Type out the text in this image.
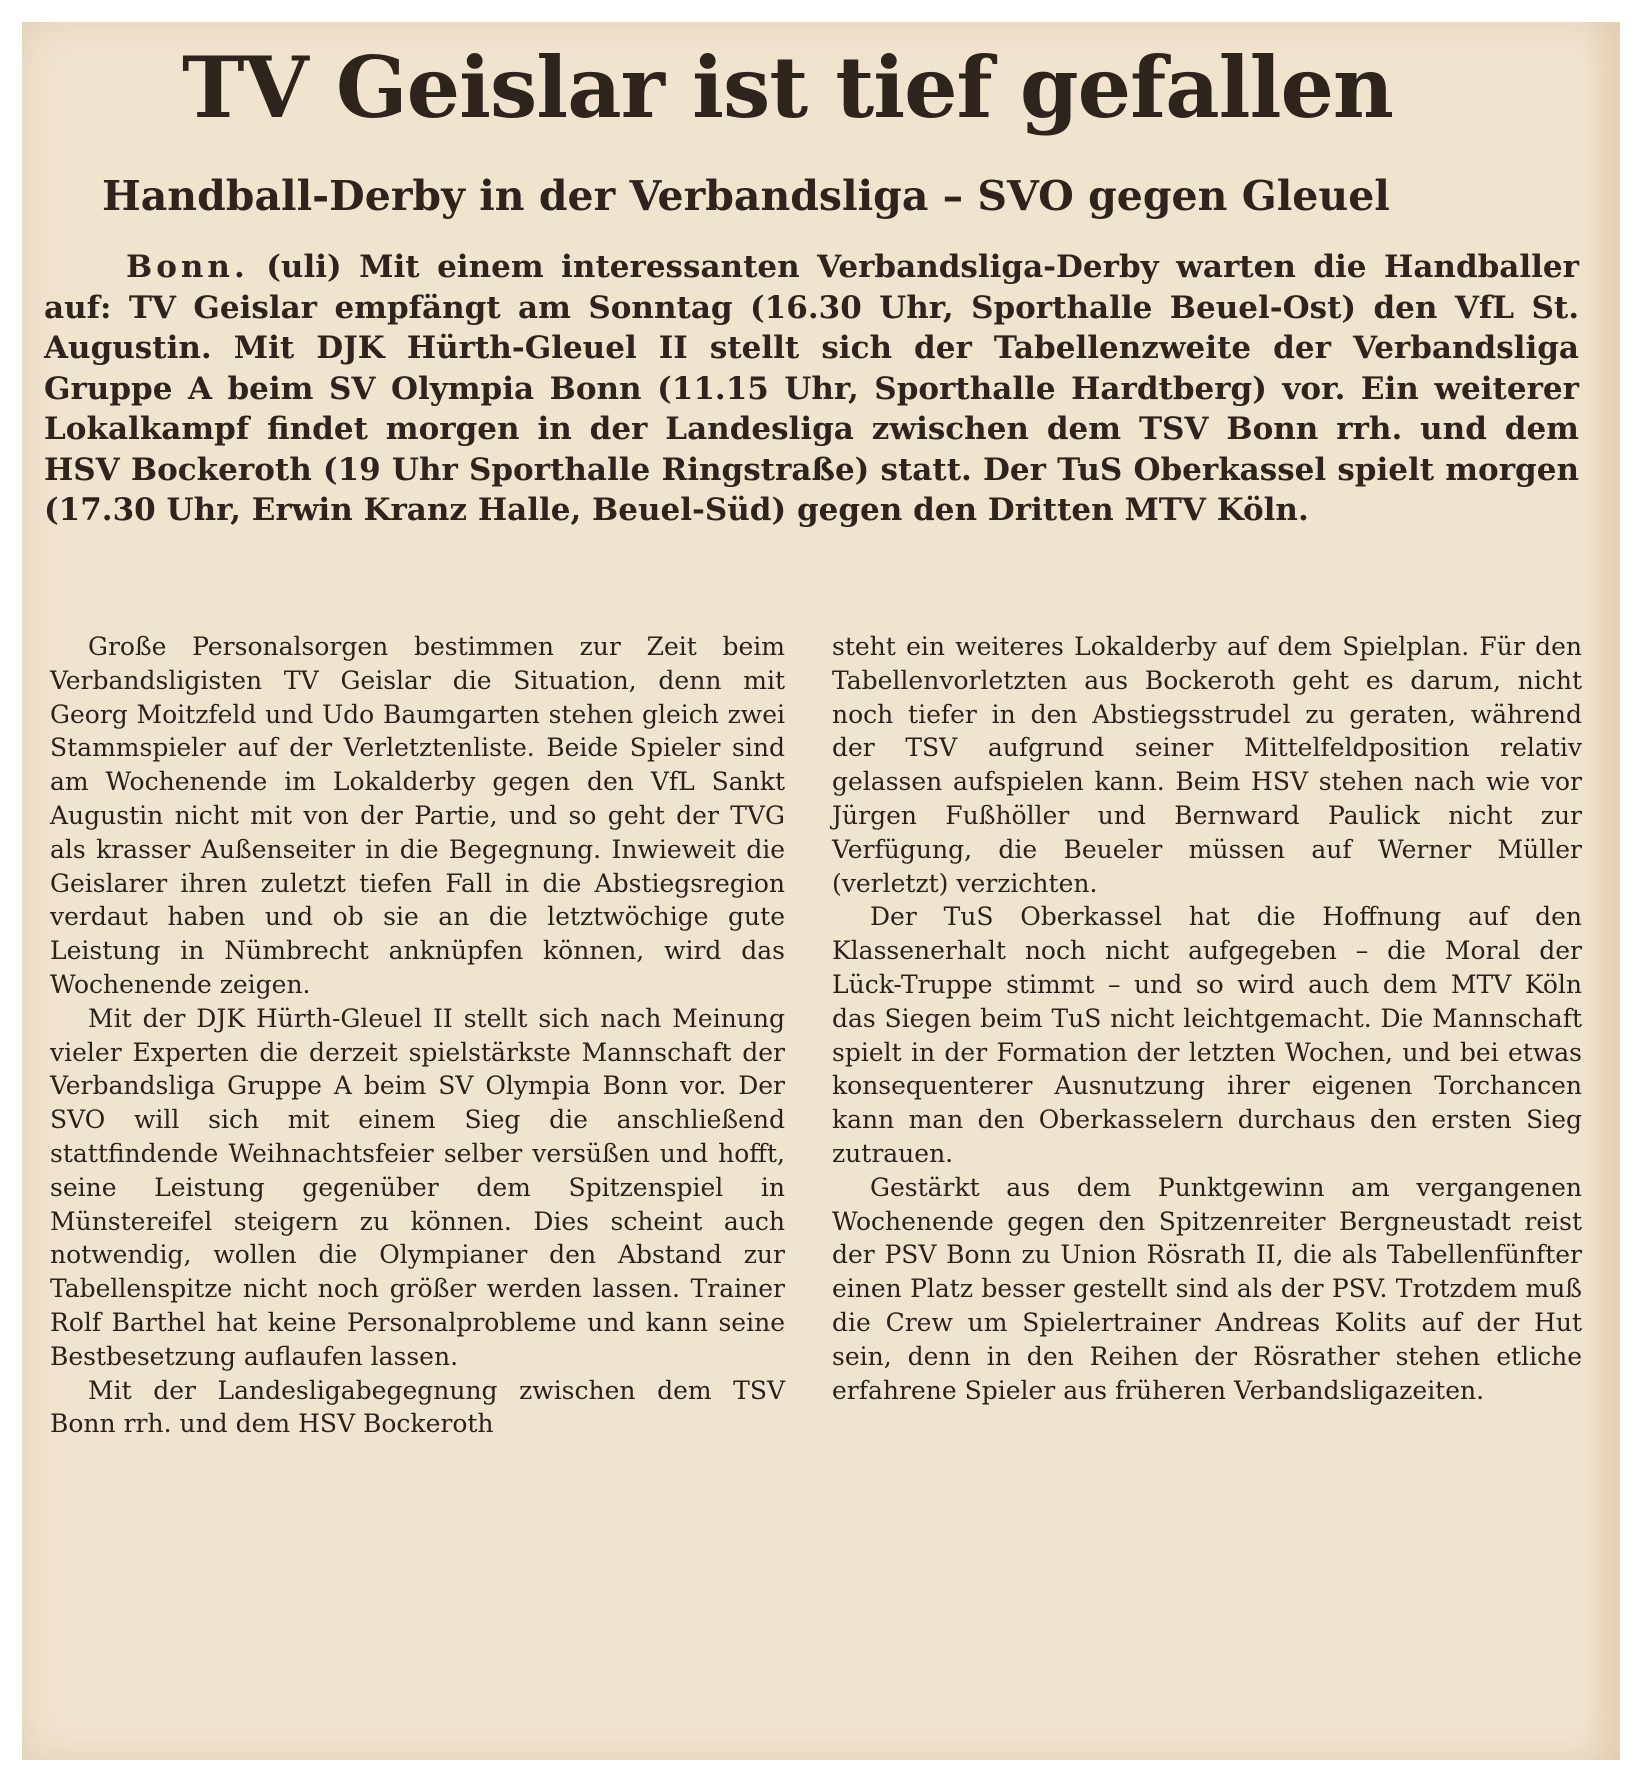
TV Geislar ist tief gefallen
Handball-Derby in der Verbandsliga – SVO gegen Gleuel

Bonn. (uli) Mit einem interessanten Verbandsliga-Derby warten die Handballer auf: TV Geislar empfängt am Sonntag (16.30 Uhr, Sporthalle Beuel-Ost) den VfL St. Augustin. Mit DJK Hürth-Gleuel II stellt sich der Tabellenzweite der Verbandsliga Gruppe A beim SV Olympia Bonn (11.15 Uhr, Sporthalle Hardtberg) vor. Ein weiterer Lokalkampf findet morgen in der Landesliga zwischen dem TSV Bonn rrh. und dem HSV Bockeroth (19 Uhr Sporthalle Ringstraße) statt. Der TuS Oberkassel spielt morgen (17.30 Uhr, Erwin Kranz Halle, Beuel-Süd) gegen den Dritten MTV Köln.

Große Personalsorgen bestimmen zur Zeit beim Verbandsligisten TV Geislar die Situation, denn mit Georg Moitzfeld und Udo Baumgarten stehen gleich zwei Stammspieler auf der Verletztenliste. Beide Spieler sind am Wochenende im Lokalderby gegen den VfL Sankt Augustin nicht mit von der Partie, und so geht der TVG als krasser Außenseiter in die Begegnung. Inwieweit die Geislarer ihren zuletzt tiefen Fall in die Abstiegsregion verdaut haben und ob sie an die letztwöchige gute Leistung in Nümbrecht anknüpfen können, wird das Wochenende zeigen.

Mit der DJK Hürth-Gleuel II stellt sich nach Meinung vieler Experten die derzeit spielstärkste Mannschaft der Verbandsliga Gruppe A beim SV Olympia Bonn vor. Der SVO will sich mit einem Sieg die anschließend stattfindende Weihnachtsfeier selber versüßen und hofft, seine Leistung gegenüber dem Spitzenspiel in Münstereifel steigern zu können. Dies scheint auch notwendig, wollen die Olympianer den Abstand zur Tabellenspitze nicht noch größer werden lassen. Trainer Rolf Barthel hat keine Personalprobleme und kann seine Bestbesetzung auflaufen lassen.

Mit der Landesligabegegnung zwischen dem TSV Bonn rrh. und dem HSV Bockeroth

steht ein weiteres Lokalderby auf dem Spielplan. Für den Tabellenvorletzten aus Bockeroth geht es darum, nicht noch tiefer in den Abstiegsstrudel zu geraten, während der TSV aufgrund seiner Mittelfeldposition relativ gelassen aufspielen kann. Beim HSV stehen nach wie vor Jürgen Fußhöller und Bernward Paulick nicht zur Verfügung, die Beueler müssen auf Werner Müller (verletzt) verzichten.

Der TuS Oberkassel hat die Hoffnung auf den Klassenerhalt noch nicht aufgegeben – die Moral der Lück-Truppe stimmt – und so wird auch dem MTV Köln das Siegen beim TuS nicht leichtgemacht. Die Mannschaft spielt in der Formation der letzten Wochen, und bei etwas konsequenterer Ausnutzung ihrer eigenen Torchancen kann man den Oberkasselern durchaus den ersten Sieg zutrauen.

Gestärkt aus dem Punktgewinn am vergangenen Wochenende gegen den Spitzenreiter Bergneustadt reist der PSV Bonn zu Union Rösrath II, die als Tabellenfünfter einen Platz besser gestellt sind als der PSV. Trotzdem muß die Crew um Spielertrainer Andreas Kolits auf der Hut sein, denn in den Reihen der Rösrather stehen etliche erfahrene Spieler aus früheren Verbandsligazeiten.
